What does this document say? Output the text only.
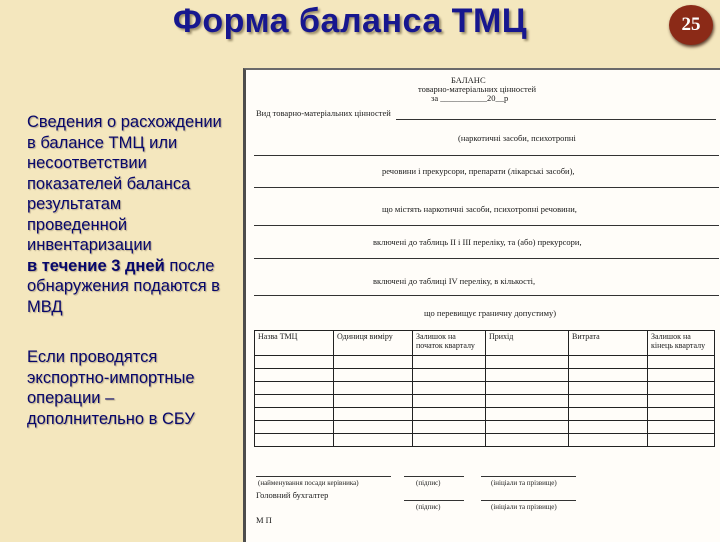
Форма баланса ТМЦ	25

Сведения о расхождении
в балансе ТМЦ или
несоответствии
показателей баланса
результатам
проведенной
инвентаризации
в течение 3 дней после
обнаружения подаются в
МВД

Если проводятся
экспортно-импортные
операции –
дополнительно в СБУ

БАЛАНС
товарно-матеріальних цінностей
за ___________20__р
Вид товарно-матеріальних цінностей
(наркотичні засоби, психотропні
речовини і прекурсори, препарати (лікарські засоби),
що містять наркотичні засоби, психотропні речовини,
включені до таблиць II і III переліку, та (або) прекурсори,
включені до таблиці IV переліку, в кількості,
що перевищує граничну допустиму)
Назва ТМЦ	Одиниця виміру	Залишок на початок кварталу	Прихід	Витрата	Залишок на кінець кварталу

(найменування посади керівника)	(підпис)	(ініціали та прізвище)
Головний бухгалтер
(підпис)	(ініціали та прізвище)
М П
